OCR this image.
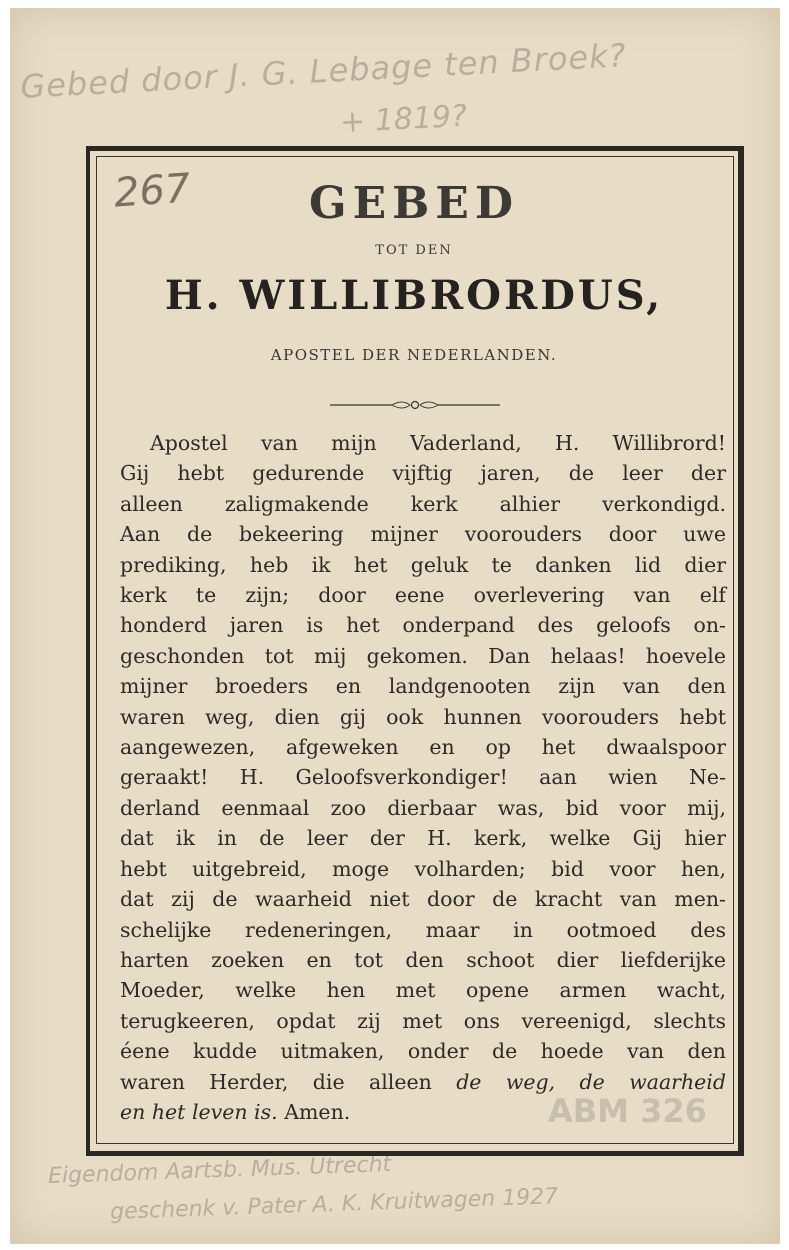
Gebed door J. G. Lebage ten Broek?
+ 1819?
267
ABM 326
Eigendom Aartsb. Mus. Utrecht
geschenk v. Pater A. K. Kruitwagen 1927
GEBED
TOT DEN
H. WILLIBRORDUS,
APOSTEL DER NEDERLANDEN.
Apostel van mijn Vaderland, H. Willibrord!
Gij hebt gedurende vijftig jaren, de leer der
alleen zaligmakende kerk alhier verkondigd.
Aan de bekeering mijner voorouders door uwe
prediking, heb ik het geluk te danken lid dier
kerk te zijn; door eene overlevering van elf
honderd jaren is het onderpand des geloofs on-
geschonden tot mij gekomen. Dan helaas! hoevele
mijner broeders en landgenooten zijn van den
waren weg, dien gij ook hunnen voorouders hebt
aangewezen, afgeweken en op het dwaalspoor
geraakt! H. Geloofsverkondiger! aan wien Ne-
derland eenmaal zoo dierbaar was, bid voor mij,
dat ik in de leer der H. kerk, welke Gij hier
hebt uitgebreid, moge volharden; bid voor hen,
dat zij de waarheid niet door de kracht van men-
schelijke redeneringen, maar in ootmoed des
harten zoeken en tot den schoot dier liefderijke
Moeder, welke hen met opene armen wacht,
terugkeeren, opdat zij met ons vereenigd, slechts
éene kudde uitmaken, onder de hoede van den
waren Herder, die alleen de weg, de waarheid
en het leven is. Amen.
